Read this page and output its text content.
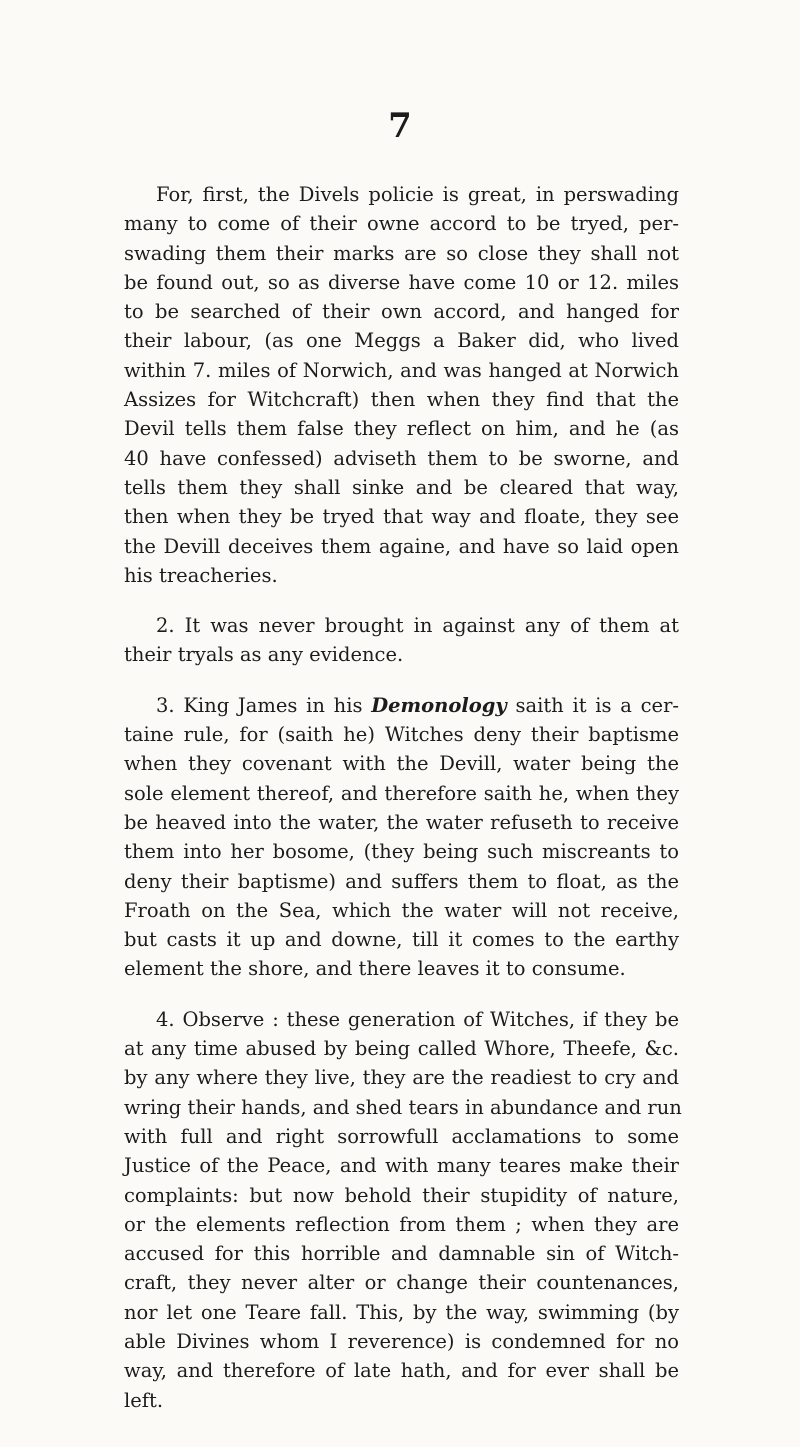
7

For, first, the Divels policie is great, in perswading
many to come of their owne accord to be tryed, per-
swading them their marks are so close they shall not
be found out, so as diverse have come 10 or 12. miles
to be searched of their own accord, and hanged for
their labour, (as one Meggs a Baker did, who lived
within 7. miles of Norwich, and was hanged at Norwich
Assizes for Witchcraft) then when they find that the
Devil tells them false they reflect on him, and he (as
40 have confessed) adviseth them to be sworne, and
tells them they shall sinke and be cleared that way,
then when they be tryed that way and floate, they see
the Devill deceives them againe, and have so laid open
his treacheries.

2. It was never brought in against any of them at
their tryals as any evidence.

3. King James in his Demonology saith it is a cer-
taine rule, for (saith he) Witches deny their baptisme
when they covenant with the Devill, water being the
sole element thereof, and therefore saith he, when they
be heaved into the water, the water refuseth to receive
them into her bosome, (they being such miscreants to
deny their baptisme) and suffers them to float, as the
Froath on the Sea, which the water will not receive,
but casts it up and downe, till it comes to the earthy
element the shore, and there leaves it to consume.

4. Observe : these generation of Witches, if they be
at any time abused by being called Whore, Theefe, &c.
by any where they live, they are the readiest to cry and
wring their hands, and shed tears in abundance and run
with full and right sorrowfull acclamations to some
Justice of the Peace, and with many teares make their
complaints: but now behold their stupidity of nature,
or the elements reflection from them ; when they are
accused for this horrible and damnable sin of Witch-
craft, they never alter or change their countenances,
nor let one Teare fall. This, by the way, swimming (by
able Divines whom I reverence) is condemned for no
way, and therefore of late hath, and for ever shall be
left.
